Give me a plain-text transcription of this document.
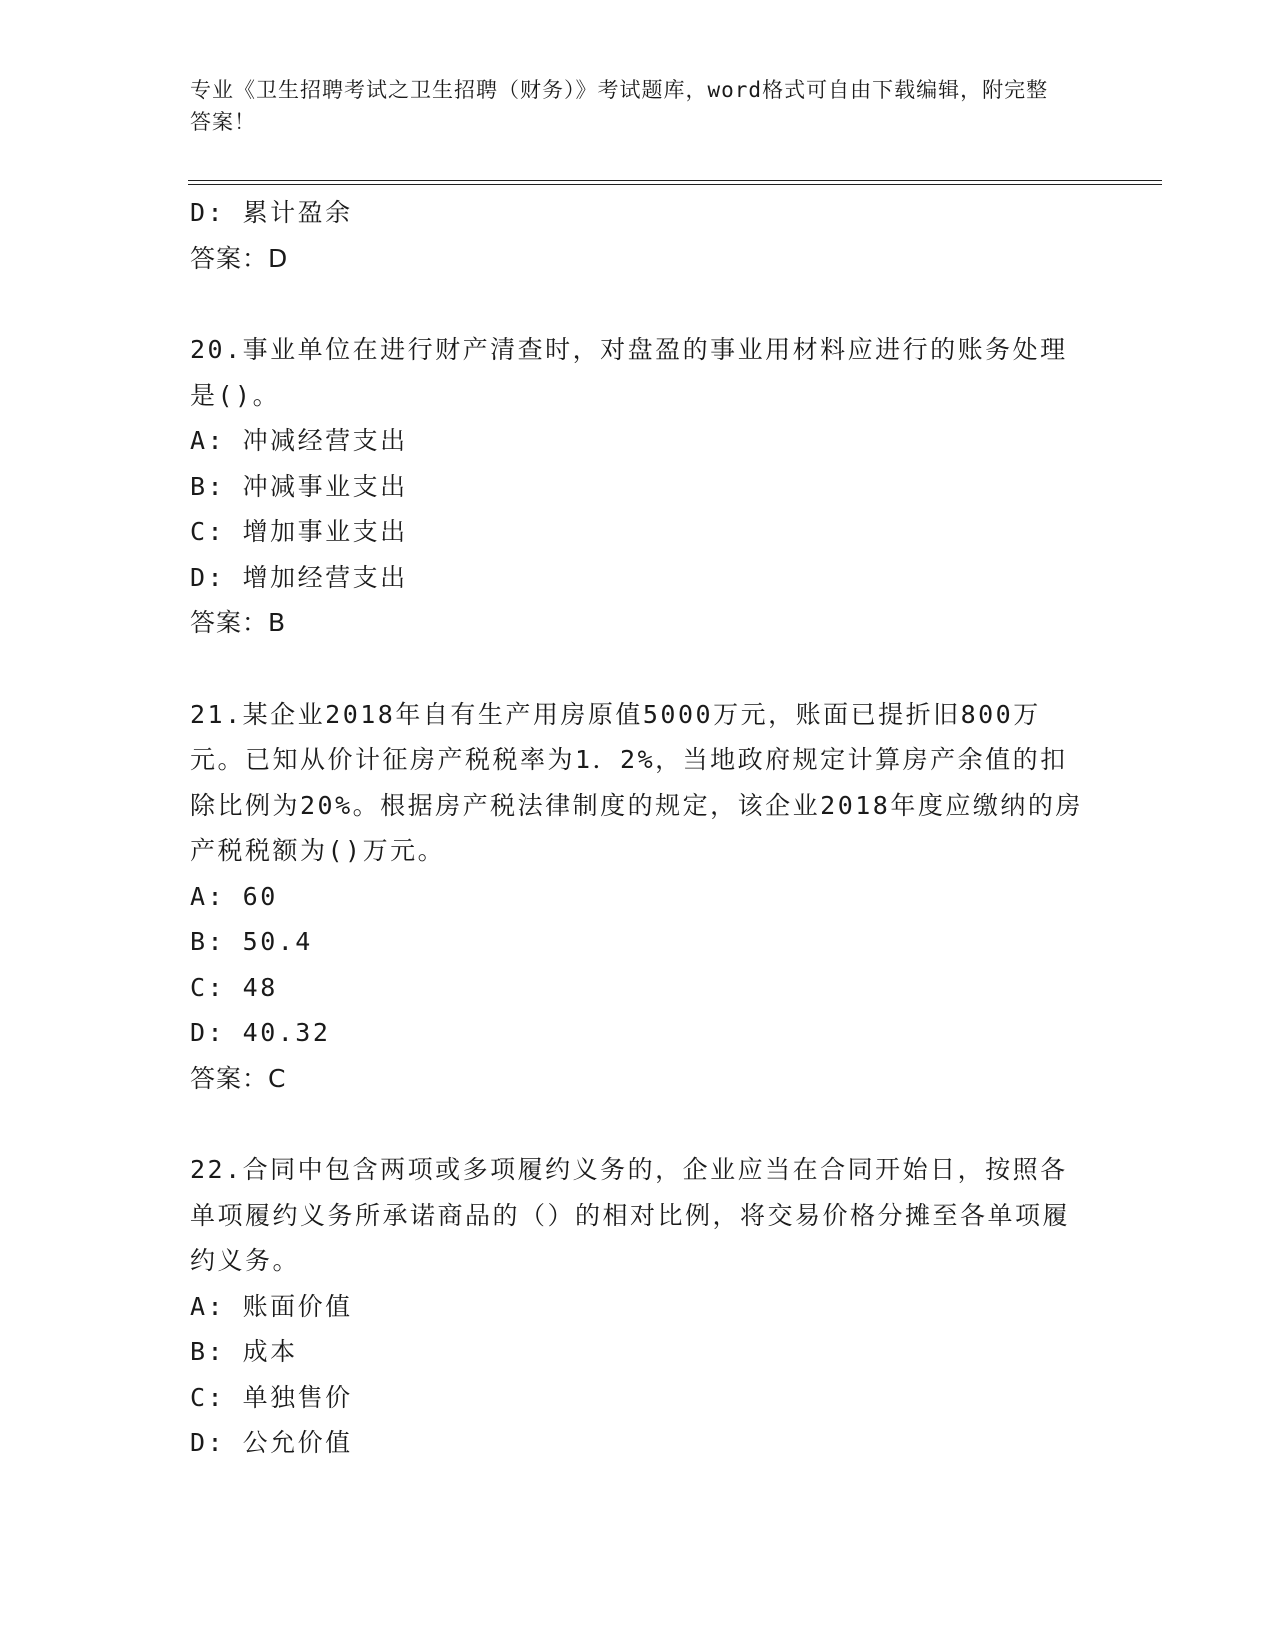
专业《卫生招聘考试之卫生招聘（财务）》考试题库，word格式可自由下载编辑，附完整答案！
D: 累计盈余
答案：D
20.事业单位在进行财产清查时，对盘盈的事业用材料应进行的账务处理是()。
A: 冲减经营支出
B: 冲减事业支出
C: 增加事业支出
D: 增加经营支出
答案：B
21.某企业2018年自有生产用房原值5000万元，账面已提折旧800万元。已知从价计征房产税税率为1．2%，当地政府规定计算房产余值的扣除比例为20%。根据房产税法律制度的规定，该企业2018年度应缴纳的房产税税额为()万元。
A: 60
B: 50.4
C: 48
D: 40.32
答案：C
22.合同中包含两项或多项履约义务的，企业应当在合同开始日，按照各单项履约义务所承诺商品的（）的相对比例，将交易价格分摊至各单项履约义务。
A: 账面价值
B: 成本
C: 单独售价
D: 公允价值
